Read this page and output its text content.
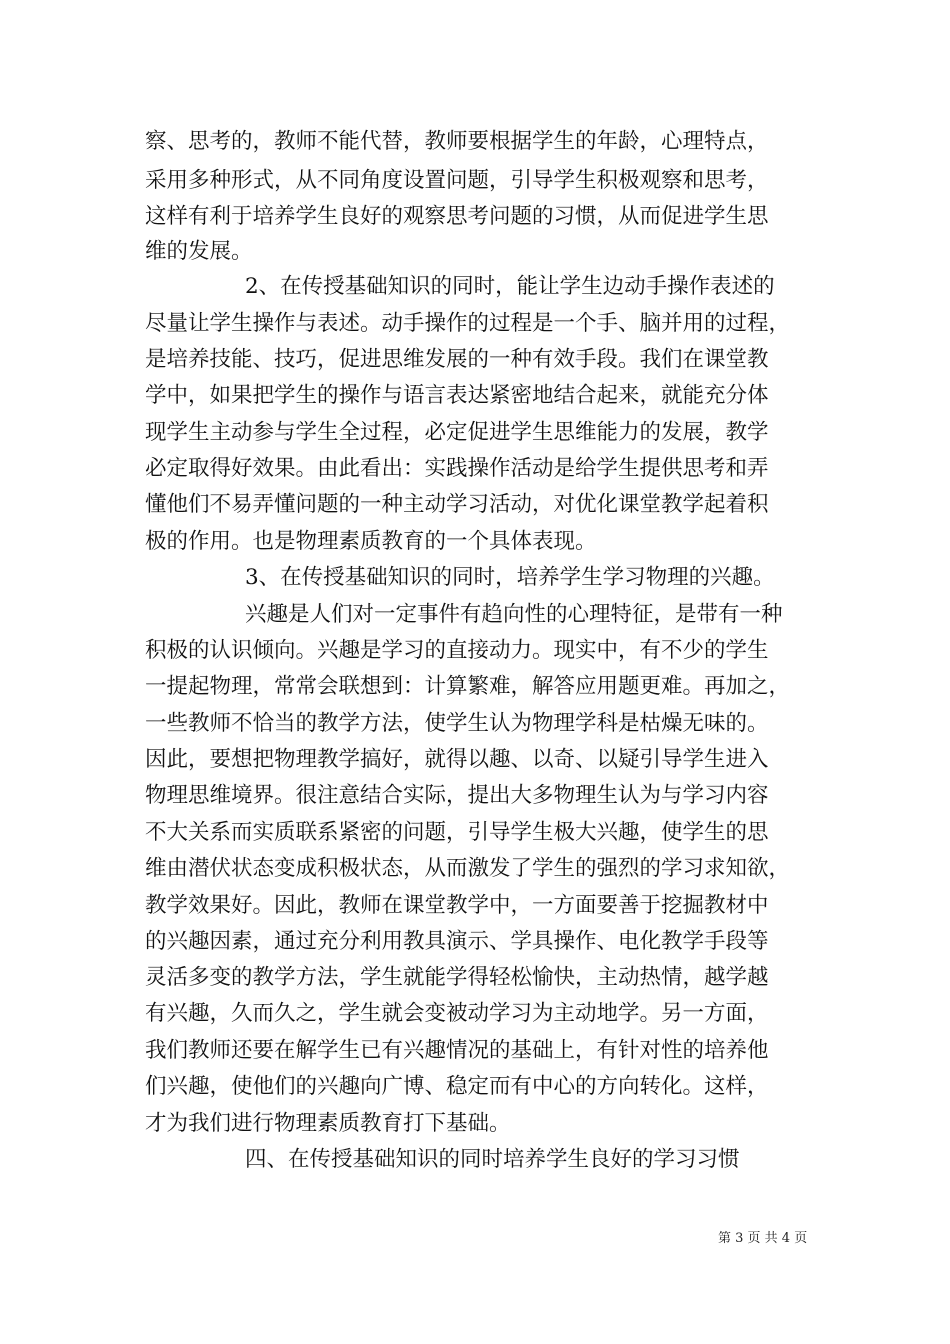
察、思考的，教师不能代替，教师要根据学生的年龄，心理特点，
采用多种形式，从不同角度设置问题，引导学生积极观察和思考，
这样有利于培养学生良好的观察思考问题的习惯，从而促进学生思
维的发展。
2、在传授基础知识的同时，能让学生边动手操作表述的
尽量让学生操作与表述。动手操作的过程是一个手、脑并用的过程，
是培养技能、技巧，促进思维发展的一种有效手段。我们在课堂教
学中，如果把学生的操作与语言表达紧密地结合起来，就能充分体
现学生主动参与学生全过程，必定促进学生思维能力的发展，教学
必定取得好效果。由此看出：实践操作活动是给学生提供思考和弄
懂他们不易弄懂问题的一种主动学习活动，对优化课堂教学起着积
极的作用。也是物理素质教育的一个具体表现。
3、在传授基础知识的同时，培养学生学习物理的兴趣。
兴趣是人们对一定事件有趋向性的心理特征，是带有一种
积极的认识倾向。兴趣是学习的直接动力。现实中，有不少的学生
一提起物理，常常会联想到：计算繁难，解答应用题更难。再加之，
一些教师不恰当的教学方法，使学生认为物理学科是枯燥无味的。
因此，要想把物理教学搞好，就得以趣、以奇、以疑引导学生进入
物理思维境界。很注意结合实际，提出大多物理生认为与学习内容
不大关系而实质联系紧密的问题，引导学生极大兴趣，使学生的思
维由潜伏状态变成积极状态，从而激发了学生的强烈的学习求知欲，
教学效果好。因此，教师在课堂教学中，一方面要善于挖掘教材中
的兴趣因素，通过充分利用教具演示、学具操作、电化教学手段等
灵活多变的教学方法，学生就能学得轻松愉快，主动热情，越学越
有兴趣，久而久之，学生就会变被动学习为主动地学。另一方面，
我们教师还要在解学生已有兴趣情况的基础上，有针对性的培养他
们兴趣，使他们的兴趣向广博、稳定而有中心的方向转化。这样，
才为我们进行物理素质教育打下基础。
四、在传授基础知识的同时培养学生良好的学习习惯
第 3 页 共 4 页
